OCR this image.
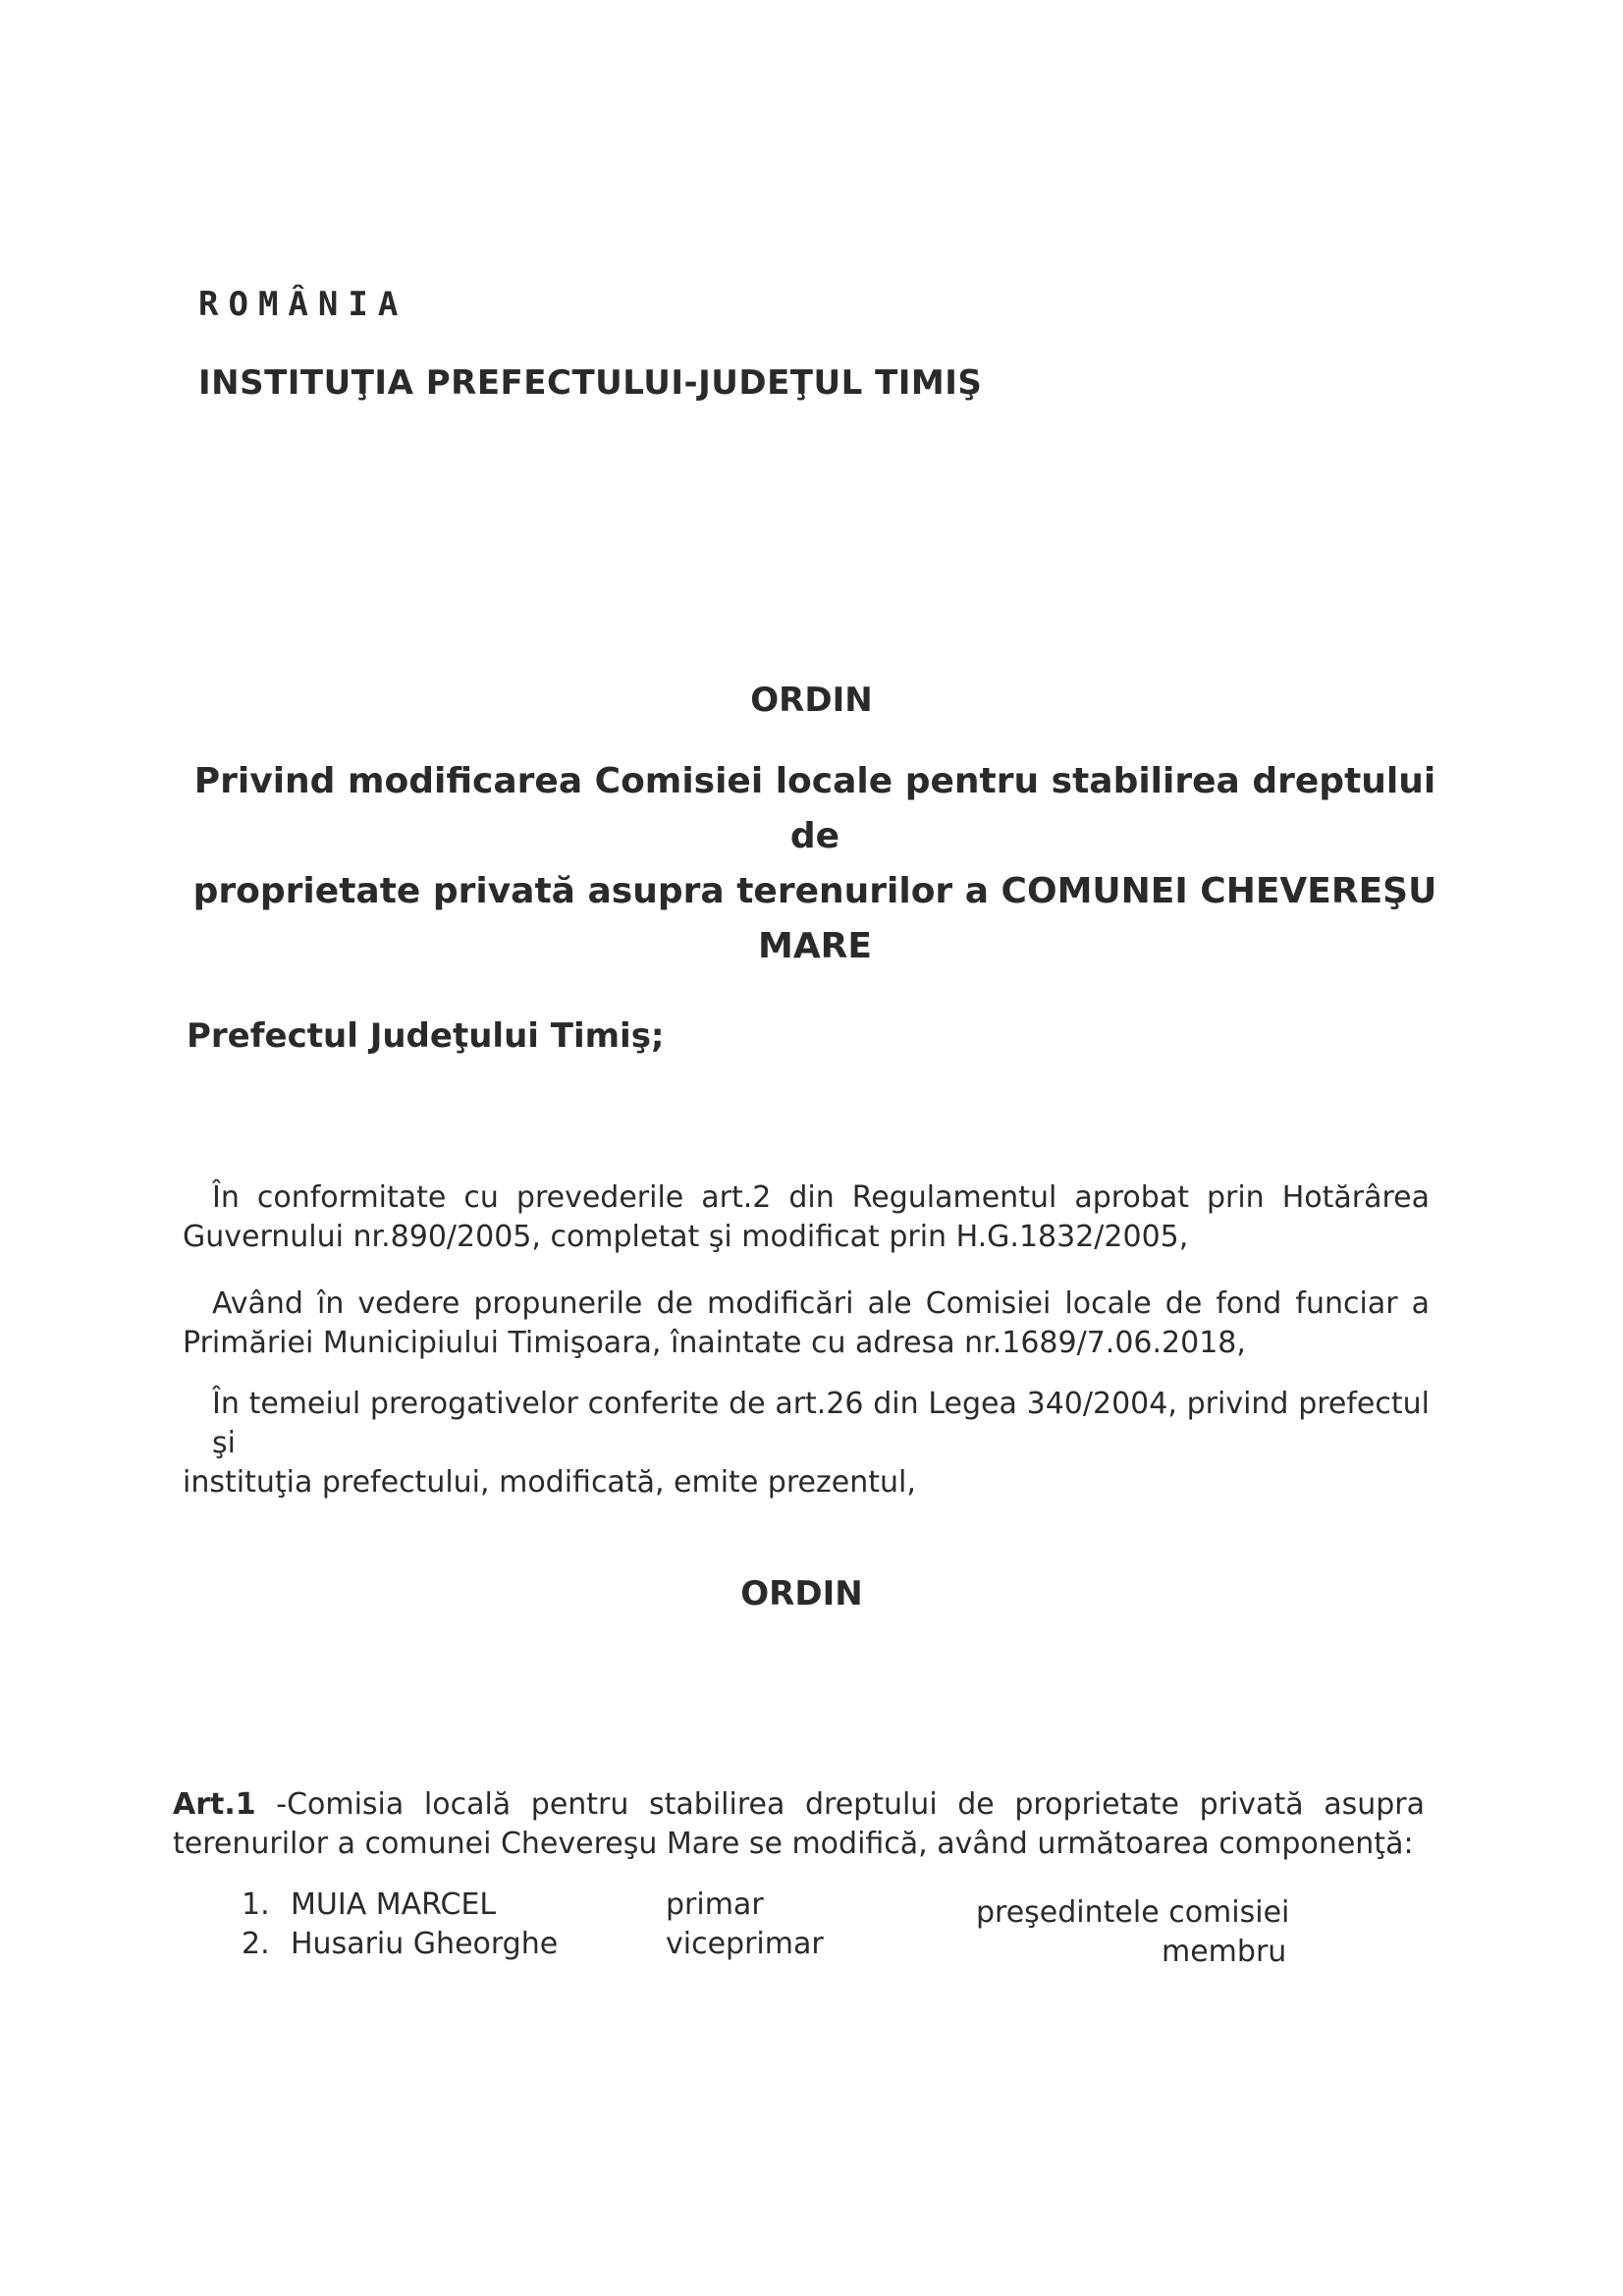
ROMÂNIA
INSTITUŢIA PREFECTULUI-JUDEŢUL TIMIŞ
ORDIN
Privind modificarea Comisiei locale pentru stabilirea dreptului de
proprietate privată asupra terenurilor a COMUNEI CHEVEREŞU
MARE
Prefectul Judeţului Timiş;
În conformitate cu prevederile art.2 din Regulamentul aprobat prin Hotărârea
Guvernului nr.890/2005, completat şi modificat prin H.G.1832/2005,
Având în vedere propunerile de modificări ale Comisiei locale de fond funciar a
Primăriei Municipiului Timişoara, înaintate cu adresa nr.1689/7.06.2018,
În temeiul prerogativelor conferite de art.26 din Legea 340/2004, privind prefectul şi
instituţia prefectului, modificată, emite prezentul,
ORDIN
Art.1 -Comisia locală pentru stabilirea dreptului de proprietate privată asupra
terenurilor a comunei Chevereşu Mare se modifică, având următoarea componenţă:
1. MUIA MARCEL	primar	preşedintele comisiei
2. Husariu Gheorghe	viceprimar	membru
